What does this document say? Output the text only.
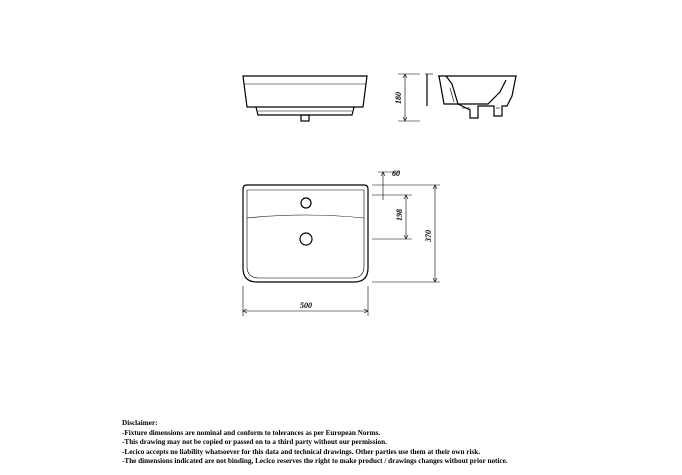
180
60
198
370
500
Disclaimer:
-Fixture dimensions are nominal and conform to tolerances as per European Norms.
-This drawing may not be copied or passed on to a third party without our permission.
-Lecico accepts no liability whatsoever for this data and technical drawings. Other parties use them at their own risk.
-The dimensions indicated are not binding, Lecico reserves the right to make product / drawings changes without prior notice.
